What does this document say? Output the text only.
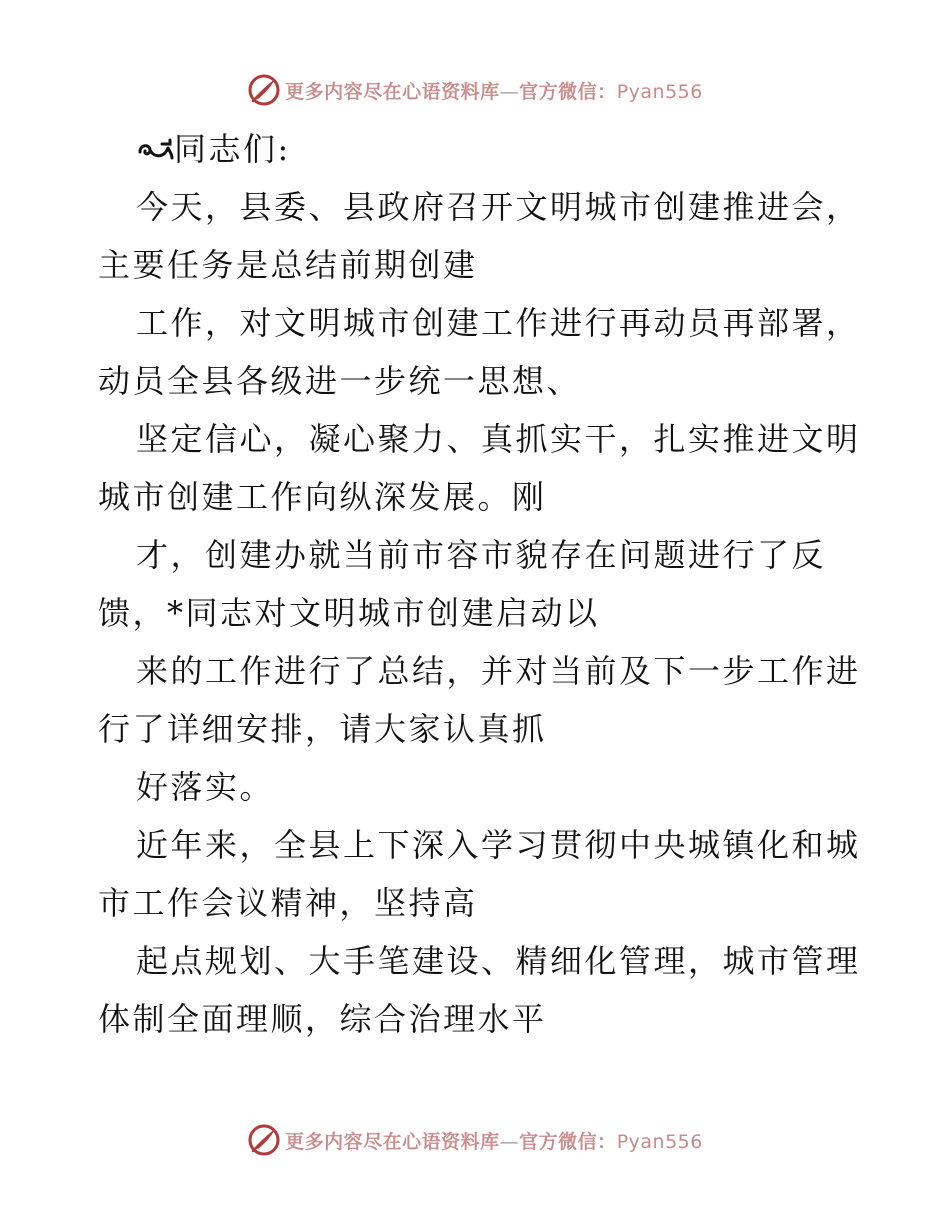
更多内容尽在心语资料库—官方微信：Pyan556
同志们:
今天，县委、县政府召开文明城市创建推进会，
主要任务是总结前期创建
工作，对文明城市创建工作进行再动员再部署，
动员全县各级进一步统一思想、
坚定信心，凝心聚力、真抓实干，扎实推进文明
城市创建工作向纵深发展。刚
才，创建办就当前市容市貌存在问题进行了反
馈，*同志对文明城市创建启动以
来的工作进行了总结，并对当前及下一步工作进
行了详细安排，请大家认真抓
好落实。
近年来，全县上下深入学习贯彻中央城镇化和城
市工作会议精神，坚持高
起点规划、大手笔建设、精细化管理，城市管理
体制全面理顺，综合治理水平
更多内容尽在心语资料库—官方微信：Pyan556
